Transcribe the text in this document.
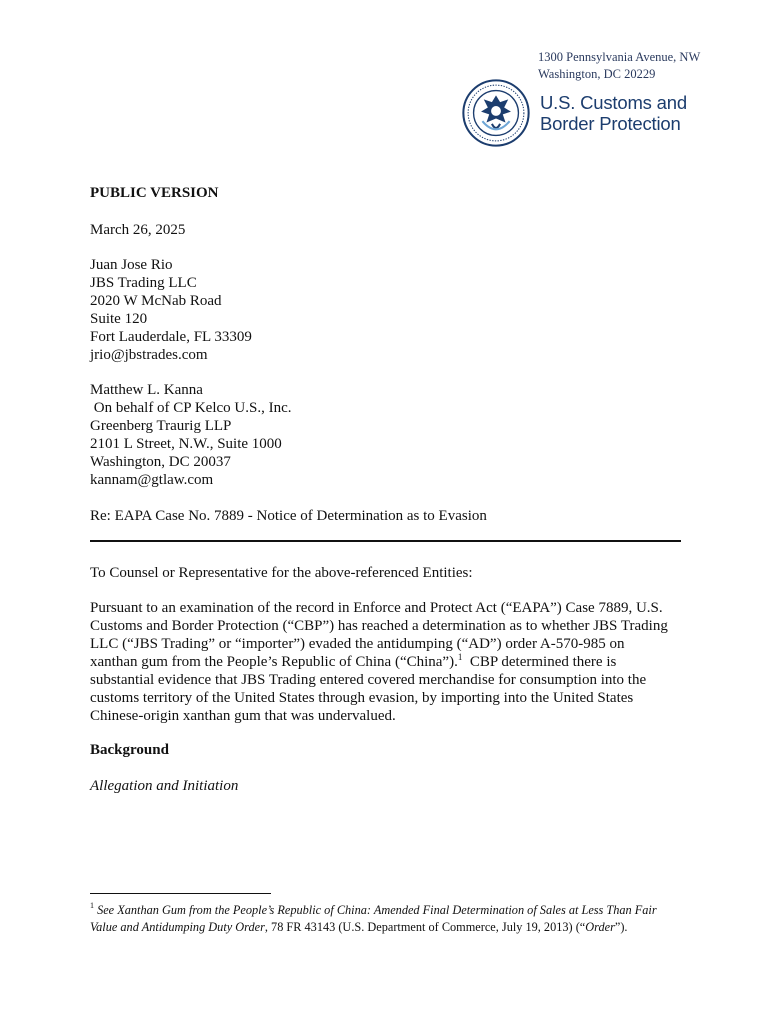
1300 Pennsylvania Avenue, NW
Washington, DC 20229
U.S. Customs and
Border Protection
PUBLIC VERSION
March 26, 2025
Juan Jose Rio
JBS Trading LLC
2020 W McNab Road
Suite 120
Fort Lauderdale, FL 33309
jrio@jbstrades.com
Matthew L. Kanna
On behalf of CP Kelco U.S., Inc.
Greenberg Traurig LLP
2101 L Street, N.W., Suite 1000
Washington, DC 20037
kannam@gtlaw.com
Re: EAPA Case No. 7889 - Notice of Determination as to Evasion
To Counsel or Representative for the above-referenced Entities:
Pursuant to an examination of the record in Enforce and Protect Act (“EAPA”) Case 7889, U.S.
Customs and Border Protection (“CBP”) has reached a determination as to whether JBS Trading
LLC (“JBS Trading” or “importer”) evaded the antidumping (“AD”) order A-570-985 on
xanthan gum from the People’s Republic of China (“China”).$^1$  CBP determined there is
substantial evidence that JBS Trading entered covered merchandise for consumption into the
customs territory of the United States through evasion, by importing into the United States
Chinese-origin xanthan gum that was undervalued.
Background
Allegation and Initiation
$^1$ See Xanthan Gum from the People’s Republic of China: Amended Final Determination of Sales at Less Than Fair
Value and Antidumping Duty Order, 78 FR 43143 (U.S. Department of Commerce, July 19, 2013) (“Order”).
